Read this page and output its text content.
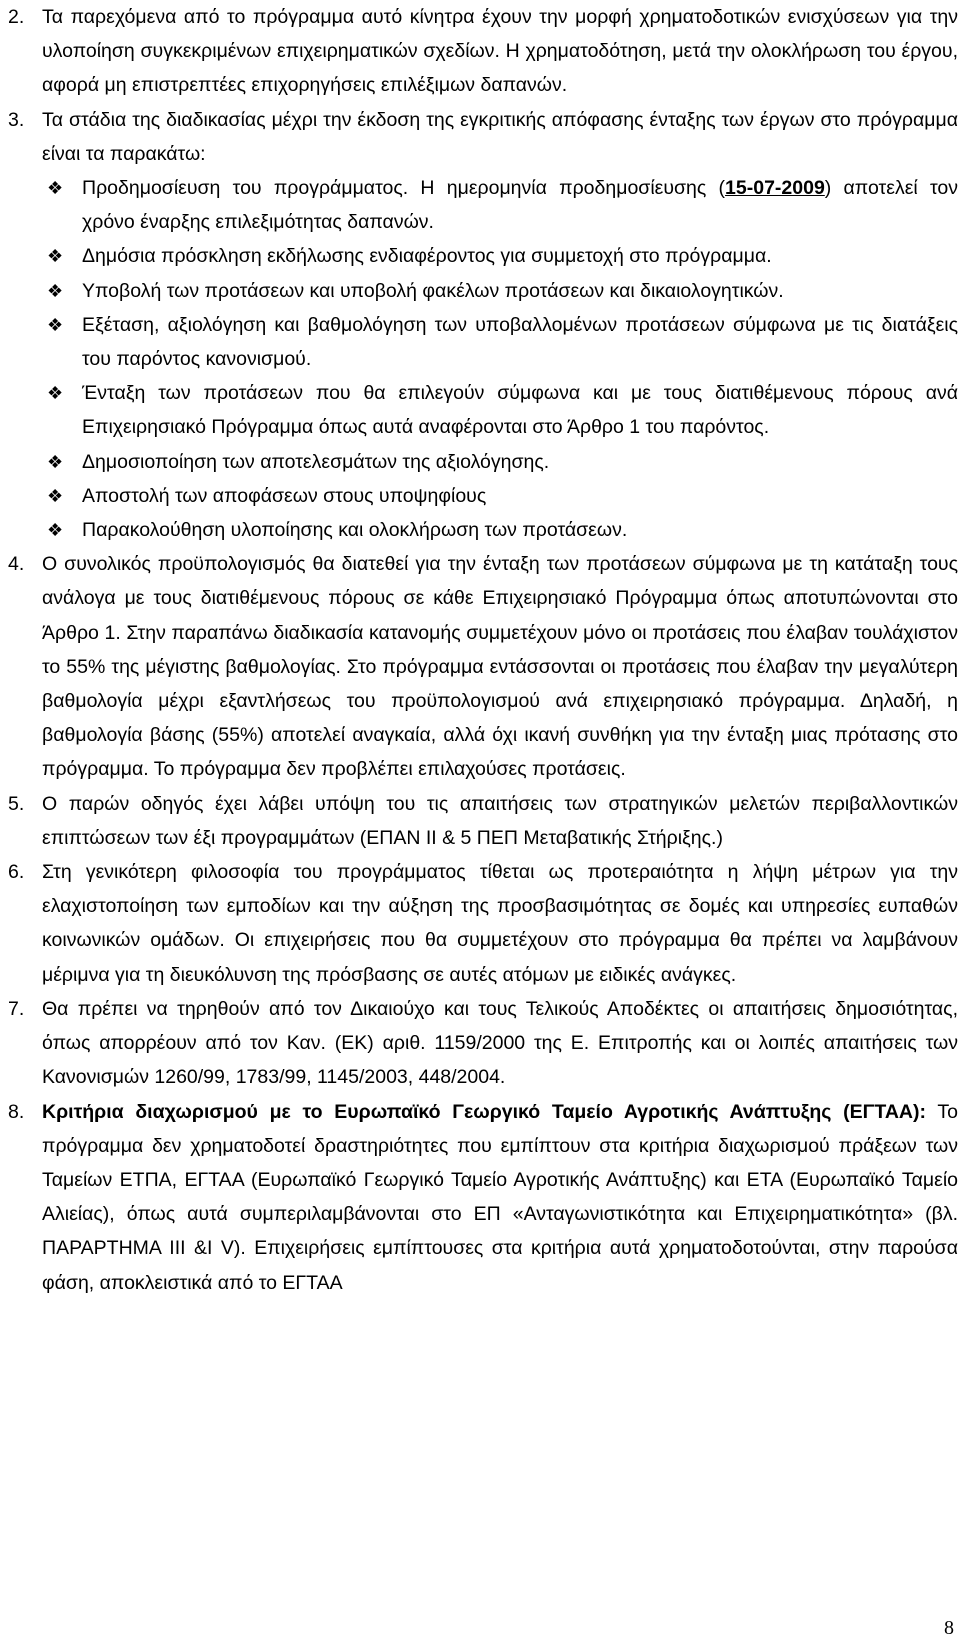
2. Τα παρεχόμενα από το πρόγραμμα αυτό κίνητρα έχουν την μορφή χρηματοδοτικών ενισχύσεων για την υλοποίηση συγκεκριμένων επιχειρηματικών σχεδίων. Η χρηματοδότηση, μετά την ολοκλήρωση του έργου, αφορά μη επιστρεπτέες επιχορηγήσεις επιλέξιμων δαπανών.
3. Τα στάδια της διαδικασίας μέχρι την έκδοση της εγκριτικής απόφασης ένταξης των έργων στο πρόγραμμα είναι τα παρακάτω:
❖ Προδημοσίευση του προγράμματος. Η ημερομηνία προδημοσίευσης (15-07-2009) αποτελεί τον χρόνο έναρξης επιλεξιμότητας δαπανών.
❖ Δημόσια πρόσκληση εκδήλωσης ενδιαφέροντος για συμμετοχή στο πρόγραμμα.
❖ Υποβολή των προτάσεων και υποβολή φακέλων προτάσεων και δικαιολογητικών.
❖ Εξέταση, αξιολόγηση και βαθμολόγηση των υποβαλλομένων προτάσεων σύμφωνα με τις διατάξεις του παρόντος κανονισμού.
❖ Ένταξη των προτάσεων που θα επιλεγούν σύμφωνα και με τους διατιθέμενους πόρους ανά Επιχειρησιακό Πρόγραμμα όπως αυτά αναφέρονται στο Άρθρο 1 του παρόντος.
❖ Δημοσιοποίηση των αποτελεσμάτων της αξιολόγησης.
❖ Αποστολή των αποφάσεων στους υποψηφίους
❖ Παρακολούθηση υλοποίησης και ολοκλήρωση των προτάσεων.
4. Ο συνολικός προϋπολογισμός θα διατεθεί για την ένταξη των προτάσεων σύμφωνα με τη κατάταξη τους ανάλογα με τους διατιθέμενους πόρους σε κάθε Επιχειρησιακό Πρόγραμμα όπως αποτυπώνονται στο Άρθρο 1. Στην παραπάνω διαδικασία κατανομής συμμετέχουν μόνο οι προτάσεις που έλαβαν τουλάχιστον το 55% της μέγιστης βαθμολογίας. Στο πρόγραμμα εντάσσονται οι προτάσεις που έλαβαν την μεγαλύτερη βαθμολογία μέχρι εξαντλήσεως του προϋπολογισμού ανά επιχειρησιακό πρόγραμμα. Δηλαδή, η βαθμολογία βάσης (55%) αποτελεί αναγκαία, αλλά όχι ικανή συνθήκη για την ένταξη μιας πρότασης στο πρόγραμμα. Το πρόγραμμα δεν προβλέπει επιλαχούσες προτάσεις.
5. Ο παρών οδηγός έχει λάβει υπόψη του τις απαιτήσεις των στρατηγικών μελετών περιβαλλοντικών επιπτώσεων των έξι προγραμμάτων (ΕΠΑΝ ΙΙ & 5 ΠΕΠ Μεταβατικής Στήριξης.)
6. Στη γενικότερη φιλοσοφία του προγράμματος τίθεται ως προτεραιότητα η λήψη μέτρων για την ελαχιστοποίηση των εμποδίων και την αύξηση της προσβασιμότητας σε δομές και υπηρεσίες ευπαθών κοινωνικών ομάδων. Οι επιχειρήσεις που θα συμμετέχουν στο πρόγραμμα θα πρέπει να λαμβάνουν μέριμνα για τη διευκόλυνση της πρόσβασης σε αυτές ατόμων με ειδικές ανάγκες.
7. Θα πρέπει να τηρηθούν από τον Δικαιούχο και τους Τελικούς Αποδέκτες οι απαιτήσεις δημοσιότητας, όπως απορρέουν από τον Καν. (ΕΚ) αριθ. 1159/2000 της Ε. Επιτροπής και οι λοιπές απαιτήσεις των Κανονισμών 1260/99, 1783/99, 1145/2003, 448/2004.
8. Κριτήρια διαχωρισμού με το Ευρωπαϊκό Γεωργικό Ταμείο Αγροτικής Ανάπτυξης (ΕΓΤΑΑ): Το πρόγραμμα δεν χρηματοδοτεί δραστηριότητες που εμπίπτουν στα κριτήρια διαχωρισμού πράξεων των Ταμείων ΕΤΠΑ, ΕΓΤΑΑ (Ευρωπαϊκό Γεωργικό Ταμείο Αγροτικής Ανάπτυξης) και ΕΤΑ (Ευρωπαϊκό Ταμείο Αλιείας), όπως αυτά συμπεριλαμβάνονται στο ΕΠ «Ανταγωνιστικότητα και Επιχειρηματικότητα» (βλ. ΠΑΡΑΡΤΗΜΑ ΙΙΙ &Ι V). Επιχειρήσεις εμπίπτουσες στα κριτήρια αυτά χρηματοδοτούνται, στην παρούσα φάση, αποκλειστικά από το ΕΓΤΑΑ
8
